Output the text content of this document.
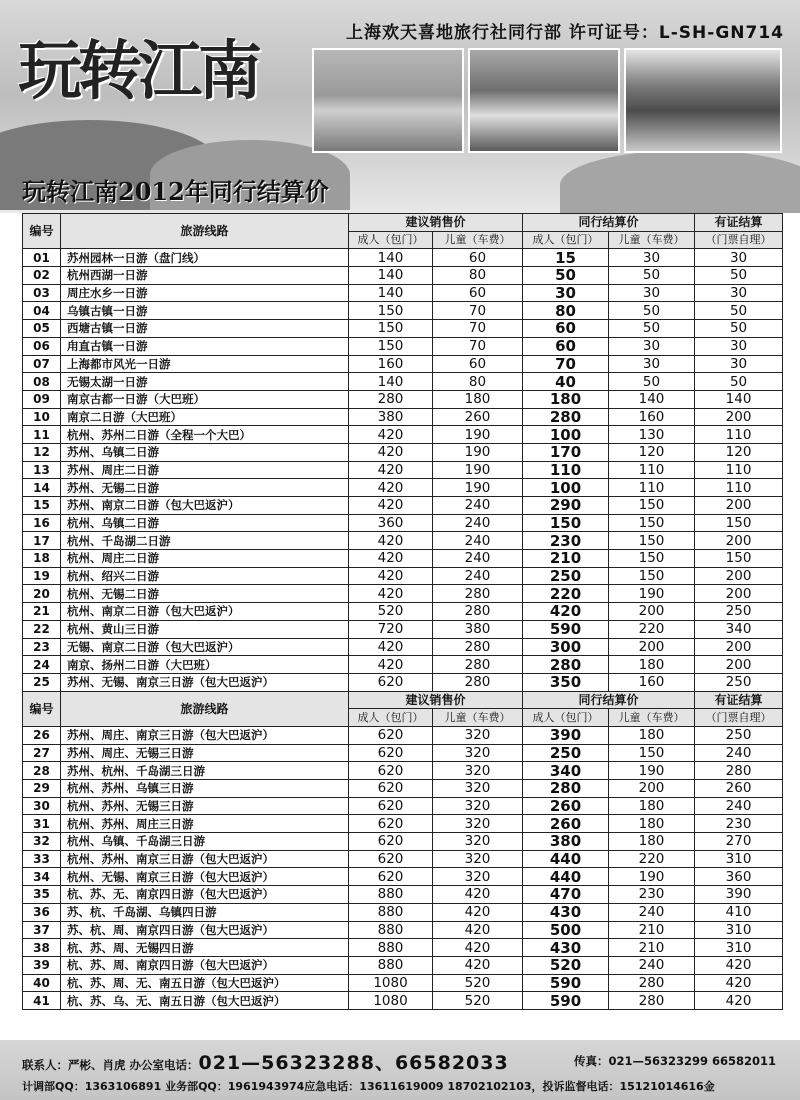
玩转江南
上海欢天喜地旅行社同行部 许可证号：L-SH-GN714
玩转江南2012年同行结算价
编号	旅游线路	建议销售价		同行结算价		有证结算
		成人（包门）	儿童（车费）	成人（包门）	儿童（车费）	（门票自理）
01	苏州园林一日游（盘门线）	140	60	15	30	30
02	杭州西湖一日游	140	80	50	50	50
03	周庄水乡一日游	140	60	30	30	30
04	乌镇古镇一日游	150	70	80	50	50
05	西塘古镇一日游	150	70	60	50	50
06	甪直古镇一日游	150	70	60	30	30
07	上海都市风光一日游	160	60	70	30	30
08	无锡太湖一日游	140	80	40	50	50
09	南京古都一日游（大巴班）	280	180	180	140	140
10	南京二日游（大巴班）	380	260	280	160	200
11	杭州、苏州二日游（全程一个大巴）	420	190	100	130	110
12	苏州、乌镇二日游	420	190	170	120	120
13	苏州、周庄二日游	420	190	110	110	110
14	苏州、无锡二日游	420	190	100	110	110
15	苏州、南京二日游（包大巴返沪）	420	240	290	150	200
16	杭州、乌镇二日游	360	240	150	150	150
17	杭州、千岛湖二日游	420	240	230	150	200
18	杭州、周庄二日游	420	240	210	150	150
19	杭州、绍兴二日游	420	240	250	150	200
20	杭州、无锡二日游	420	280	220	190	200
21	杭州、南京二日游（包大巴返沪）	520	280	420	200	250
22	杭州、黄山三日游	720	380	590	220	340
23	无锡、南京二日游（包大巴返沪）	420	280	300	200	200
24	南京、扬州二日游（大巴班）	420	280	280	180	200
25	苏州、无锡、南京三日游（包大巴返沪）	620	280	350	160	250
编号	旅游线路	建议销售价		同行结算价		有证结算
		成人（包门）	儿童（车费）	成人（包门）	儿童（车费）	（门票自理）
26	苏州、周庄、南京三日游（包大巴返沪）	620	320	390	180	250
27	苏州、周庄、无锡三日游	620	320	250	150	240
28	苏州、杭州、千岛湖三日游	620	320	340	190	280
29	杭州、苏州、乌镇三日游	620	320	280	200	260
30	杭州、苏州、无锡三日游	620	320	260	180	240
31	杭州、苏州、周庄三日游	620	320	260	180	230
32	杭州、乌镇、千岛湖三日游	620	320	380	180	270
33	杭州、苏州、南京三日游（包大巴返沪）	620	320	440	220	310
34	杭州、无锡、南京三日游（包大巴返沪）	620	320	440	190	360
35	杭、苏、无、南京四日游（包大巴返沪）	880	420	470	230	390
36	苏、杭、千岛湖、乌镇四日游	880	420	430	240	410
37	苏、杭、周、南京四日游（包大巴返沪）	880	420	500	210	310
38	杭、苏、周、无锡四日游	880	420	430	210	310
39	杭、苏、周、南京四日游（包大巴返沪）	880	420	520	240	420
40	杭、苏、周、无、南五日游（包大巴返沪）	1080	520	590	280	420
41	杭、苏、乌、无、南五日游（包大巴返沪）	1080	520	590	280	420
联系人：严彬、肖虎 办公室电话：021—56323288、66582033	传真：021—56323299 66582011
计调部QQ：1363106891 业务部QQ：1961943974应急电话：13611619009 18702102103，投诉监督电话：15121014616金
